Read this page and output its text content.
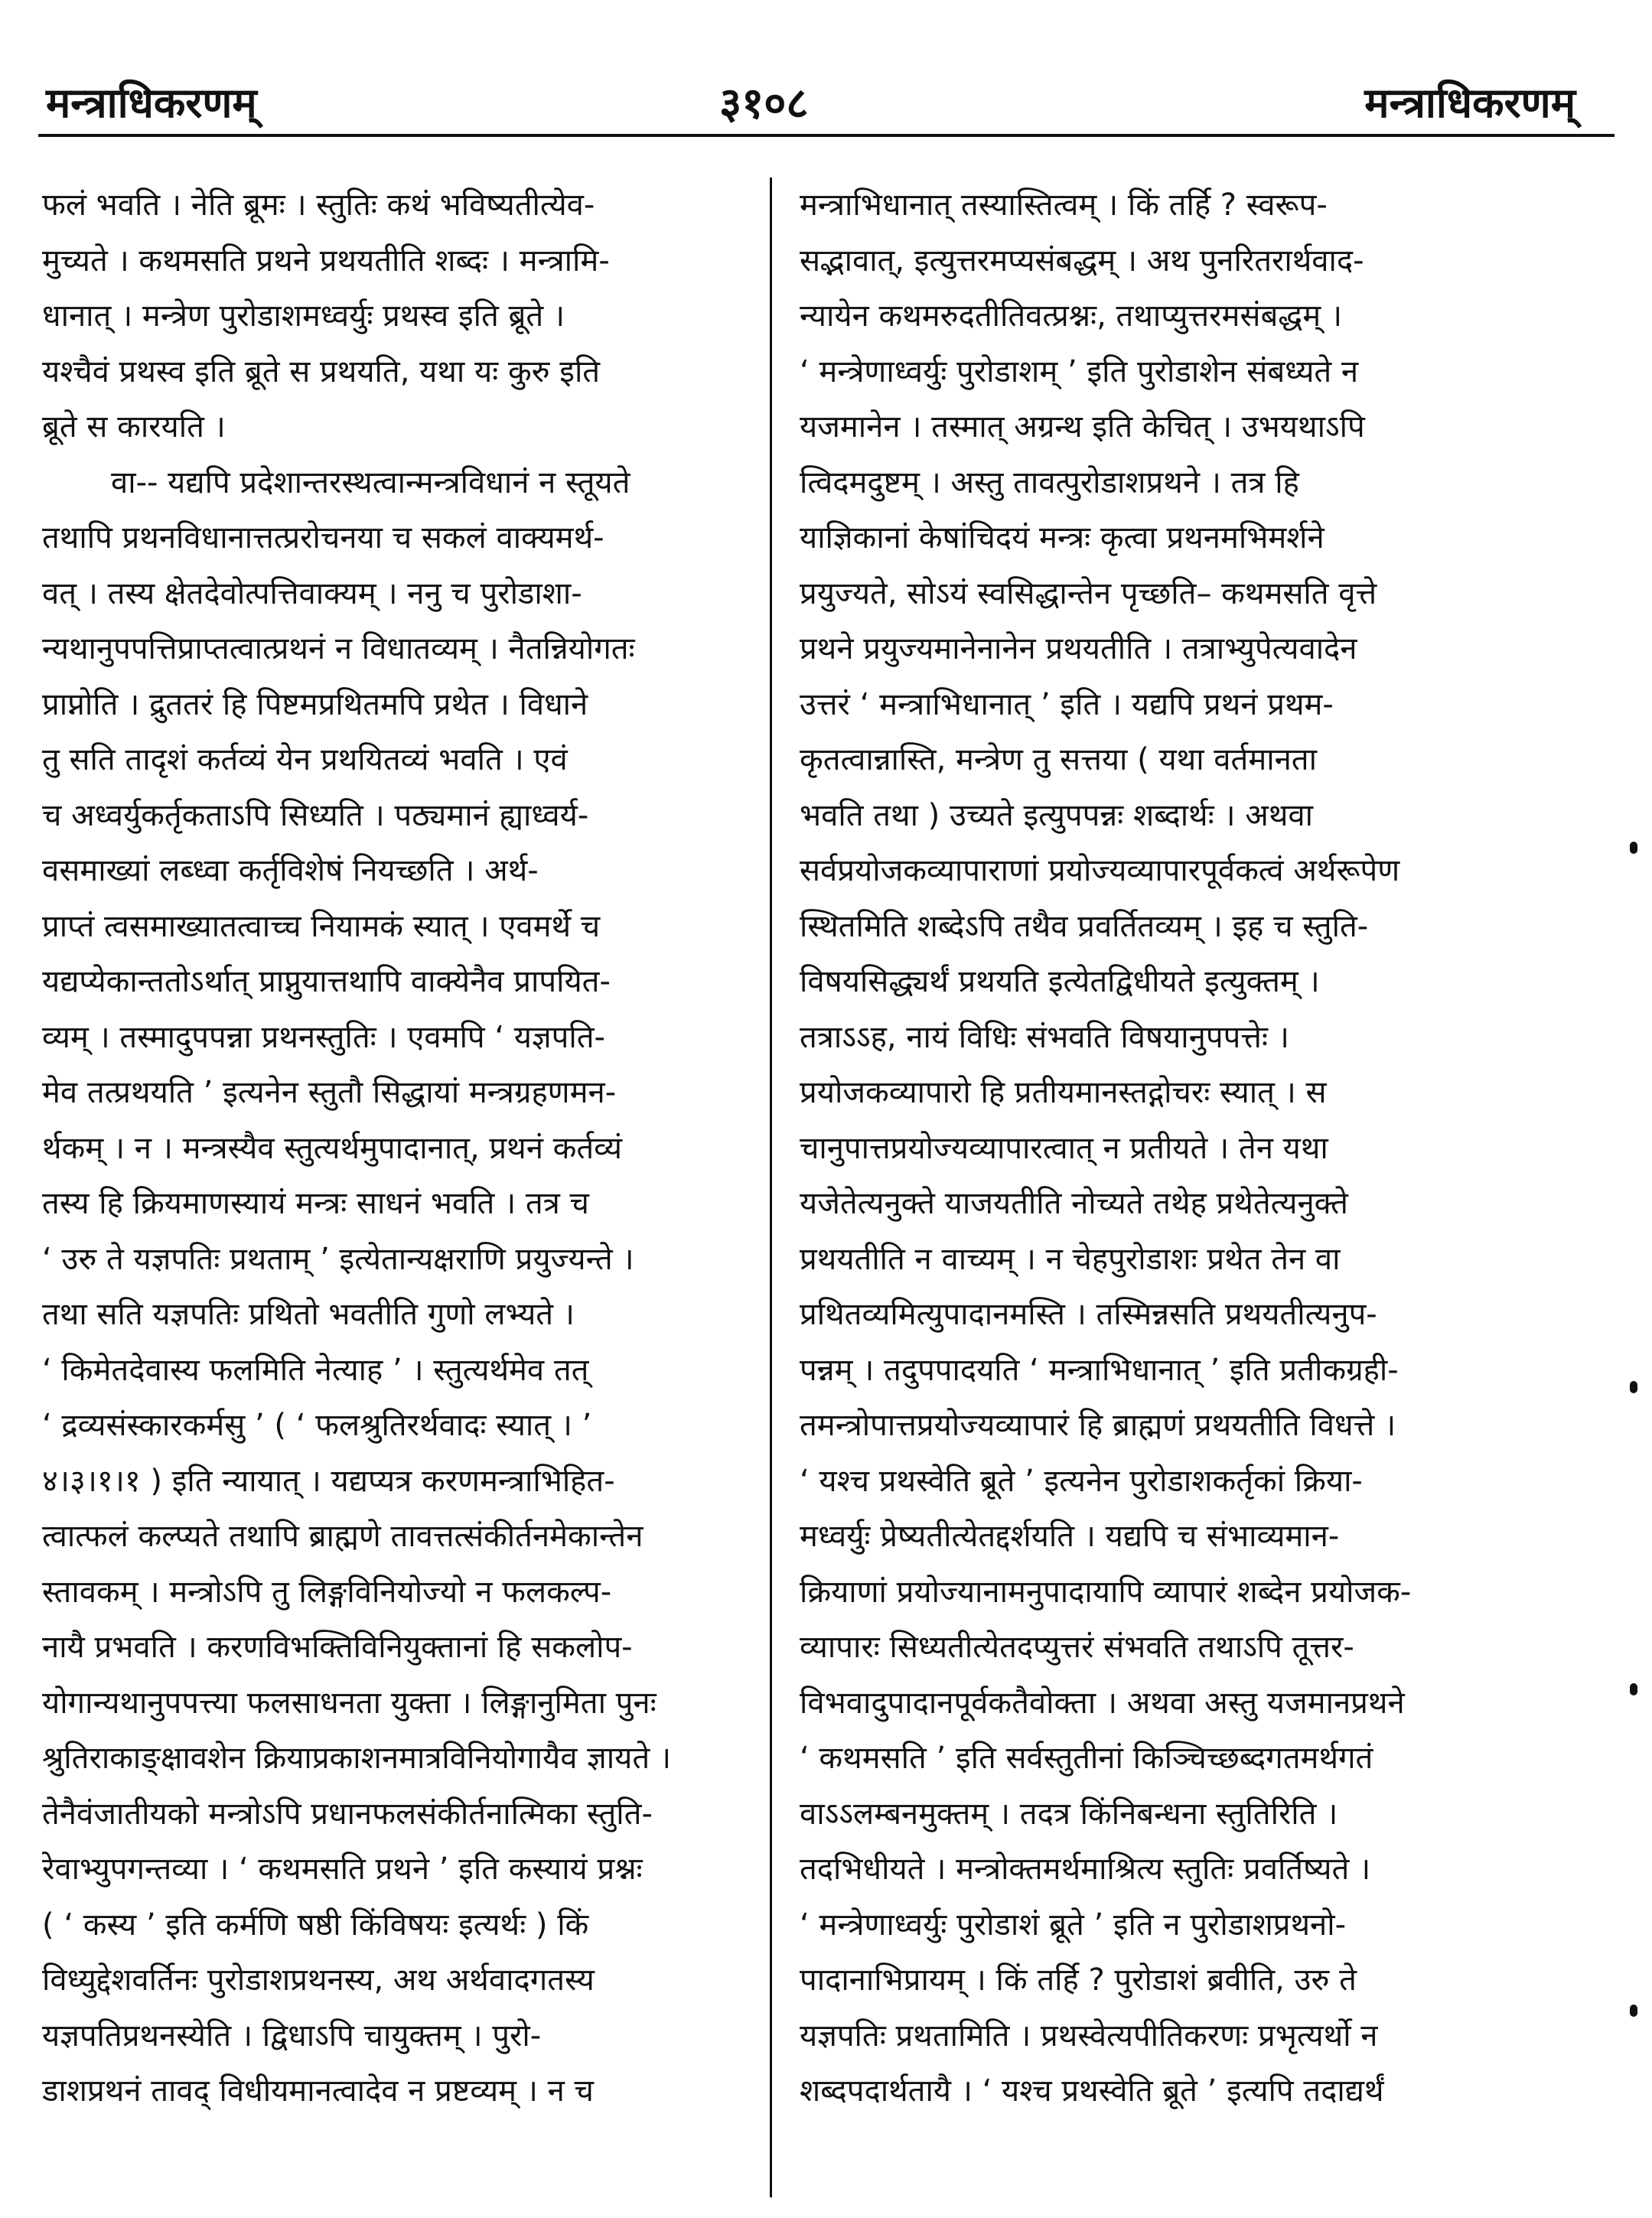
मन्त्राधिकरणम्	३१०८	मन्त्राधिकरणम्
फलं भवति । नेति ब्रूमः । स्तुतिः कथं भविष्यतीत्येव-
मुच्यते । कथमसति प्रथने प्रथयतीति शब्दः । मन्त्रामि-
धानात् । मन्त्रेण पुरोडाशमध्वर्युः प्रथस्व इति ब्रूते ।
यश्चैवं प्रथस्व इति ब्रूते स प्रथयति, यथा यः कुरु इति
ब्रूते स कारयति ।
वा-- यद्यपि प्रदेशान्तरस्थत्वान्मन्त्रविधानं न स्तूयते
तथापि प्रथनविधानात्तत्प्ररोचनया च सकलं वाक्यमर्थ-
वत् । तस्य क्षेतदेवोत्पत्तिवाक्यम् । ननु च पुरोडाशा-
न्यथानुपपत्तिप्राप्तत्वात्प्रथनं न विधातव्यम् । नैतन्नियोगतः
प्राप्नोति । द्रुततरं हि पिष्टमप्रथितमपि प्रथेत । विधाने
तु सति तादृशं कर्तव्यं येन प्रथयितव्यं भवति । एवं
च अध्वर्युकर्तृकताऽपि सिध्यति । पठ्यमानं ह्याध्वर्य-
वसमाख्यां लब्ध्वा कर्तृविशेषं नियच्छति । अर्थ-
प्राप्तं त्वसमाख्यातत्वाच्च नियामकं स्यात् । एवमर्थे च
यद्यप्येकान्ततोऽर्थात् प्राप्नुयात्तथापि वाक्येनैव प्रापयित-
व्यम् । तस्मादुपपन्ना प्रथनस्तुतिः । एवमपि ‘ यज्ञपति-
मेव तत्प्रथयति ’ इत्यनेन स्तुतौ सिद्धायां मन्त्रग्रहणमन-
र्थकम् । न । मन्त्रस्यैव स्तुत्यर्थमुपादानात्, प्रथनं कर्तव्यं
तस्य हि क्रियमाणस्यायं मन्त्रः साधनं भवति । तत्र च
‘ उरु ते यज्ञपतिः प्रथताम् ’ इत्येतान्यक्षराणि प्रयुज्यन्ते ।
तथा सति यज्ञपतिः प्रथितो भवतीति गुणो लभ्यते ।
‘ किमेतदेवास्य फलमिति नेत्याह ’ । स्तुत्यर्थमेव तत्
‘ द्रव्यसंस्कारकर्मसु ’ ( ‘ फलश्रुतिरर्थवादः स्यात् । ’
४।३।१।१ ) इति न्यायात् । यद्यप्यत्र करणमन्त्राभिहित-
त्वात्फलं कल्प्यते तथापि ब्राह्मणे तावत्तत्संकीर्तनमेकान्तेन
स्तावकम् । मन्त्रोऽपि तु लिङ्गविनियोज्यो न फलकल्प-
नायै प्रभवति । करणविभक्तिविनियुक्तानां हि सकलोप-
योगान्यथानुपपत्त्या फलसाधनता युक्ता । लिङ्गानुमिता पुनः
श्रुतिराकाङ्क्षावशेन क्रियाप्रकाशनमात्रविनियोगायैव ज्ञायते ।
तेनैवंजातीयको मन्त्रोऽपि प्रधानफलसंकीर्तनात्मिका स्तुति-
रेवाभ्युपगन्तव्या । ‘ कथमसति प्रथने ’ इति कस्यायं प्रश्नः
( ‘ कस्य ’ इति कर्मणि षष्ठी किंविषयः इत्यर्थः ) किं
विध्युद्देशवर्तिनः पुरोडाशप्रथनस्य, अथ अर्थवादगतस्य
यज्ञपतिप्रथनस्येति । द्विधाऽपि चायुक्तम् । पुरो-
डाशप्रथनं तावद् विधीयमानत्वादेव न प्रष्टव्यम् । न च
मन्त्राभिधानात् तस्यास्तित्वम् । किं तर्हि ? स्वरूप-
सद्भावात्, इत्युत्तरमप्यसंबद्धम् । अथ पुनरितरार्थवाद-
न्यायेन कथमरुदतीतिवत्प्रश्नः, तथाप्युत्तरमसंबद्धम् ।
‘ मन्त्रेणाध्वर्युः पुरोडाशम् ’ इति पुरोडाशेन संबध्यते न
यजमानेन । तस्मात् अग्रन्थ इति केचित् । उभयथाऽपि
त्विदमदुष्टम् । अस्तु तावत्पुरोडाशप्रथने । तत्र हि
याज्ञिकानां केषांचिदयं मन्त्रः कृत्वा प्रथनमभिमर्शने
प्रयुज्यते, सोऽयं स्वसिद्धान्तेन पृच्छति– कथमसति वृत्ते
प्रथने प्रयुज्यमानेनानेन प्रथयतीति । तत्राभ्युपेत्यवादेन
उत्तरं ‘ मन्त्राभिधानात् ’ इति । यद्यपि प्रथनं प्रथम-
कृतत्वान्नास्ति, मन्त्रेण तु सत्तया ( यथा वर्तमानता
भवति तथा ) उच्यते इत्युपपन्नः शब्दार्थः । अथवा
सर्वप्रयोजकव्यापाराणां प्रयोज्यव्यापारपूर्वकत्वं अर्थरूपेण
स्थितमिति शब्देऽपि तथैव प्रवर्तितव्यम् । इह च स्तुति-
विषयसिद्ध्यर्थं प्रथयति इत्येतद्विधीयते इत्युक्तम् ।
तत्राऽऽह, नायं विधिः संभवति विषयानुपपत्तेः ।
प्रयोजकव्यापारो हि प्रतीयमानस्तद्गोचरः स्यात् । स
चानुपात्तप्रयोज्यव्यापारत्वात् न प्रतीयते । तेन यथा
यजेतेत्यनुक्ते याजयतीति नोच्यते तथेह प्रथेतेत्यनुक्ते
प्रथयतीति न वाच्यम् । न चेहपुरोडाशः प्रथेत तेन वा
प्रथितव्यमित्युपादानमस्ति । तस्मिन्नसति प्रथयतीत्यनुप-
पन्नम् । तदुपपादयति ‘ मन्त्राभिधानात् ’ इति प्रतीकग्रही-
तमन्त्रोपात्तप्रयोज्यव्यापारं हि ब्राह्मणं प्रथयतीति विधत्ते ।
‘ यश्च प्रथस्वेति ब्रूते ’ इत्यनेन पुरोडाशकर्तृकां क्रिया-
मध्वर्युः प्रेष्यतीत्येतद्दर्शयति । यद्यपि च संभाव्यमान-
क्रियाणां प्रयोज्यानामनुपादायापि व्यापारं शब्देन प्रयोजक-
व्यापारः सिध्यतीत्येतदप्युत्तरं संभवति तथाऽपि तूत्तर-
विभवादुपादानपूर्वकतैवोक्ता । अथवा अस्तु यजमानप्रथने
‘ कथमसति ’ इति सर्वस्तुतीनां किञ्चिच्छब्दगतमर्थगतं
वाऽऽलम्बनमुक्तम् । तदत्र किंनिबन्धना स्तुतिरिति ।
तदभिधीयते । मन्त्रोक्तमर्थमाश्रित्य स्तुतिः प्रवर्तिष्यते ।
‘ मन्त्रेणाध्वर्युः पुरोडाशं ब्रूते ’ इति न पुरोडाशप्रथनो-
पादानाभिप्रायम् । किं तर्हि ? पुरोडाशं ब्रवीति, उरु ते
यज्ञपतिः प्रथतामिति । प्रथस्वेत्यपीतिकरणः प्रभृत्यर्थो न
शब्दपदार्थतायै । ‘ यश्च प्रथस्वेति ब्रूते ’ इत्यपि तदाद्यर्थं
